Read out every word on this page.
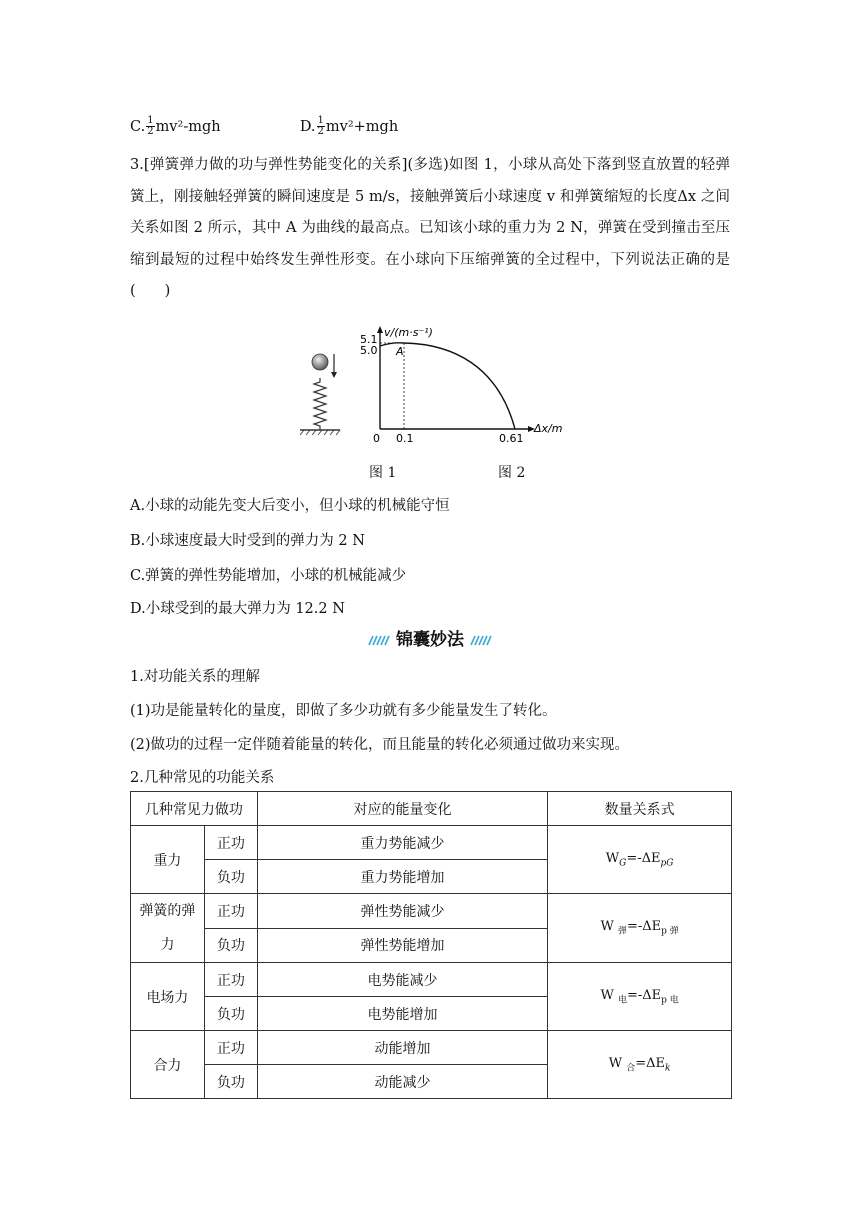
C. $\frac{1}{2} mv^2-mgh$	D. $\frac{1}{2} mv^2+mgh$
3.[弹簧弹力做的功与弹性势能变化的关系](多选)如图 1，小球从高处下落到竖直放置的轻弹簧上，刚接触轻弹簧的瞬间速度是 5 m/s，接触弹簧后小球速度 v 和弹簧缩短的长度Δx 之间关系如图 2 所示，其中 A 为曲线的最高点。已知该小球的重力为 2 N，弹簧在受到撞击至压缩到最短的过程中始终发生弹性形变。在小球向下压缩弹簧的全过程中，下列说法正确的是(　　)
v/(m·s⁻¹)
Δx/m
5.1
5.0
0 0.1	0.61
A
图 1	图 2
A.小球的动能先变大后变小，但小球的机械能守恒
B.小球速度最大时受到的弹力为 2 N
C.弹簧的弹性势能增加，小球的机械能减少
D.小球受到的最大弹力为 12.2 N
锦囊妙法
1.对功能关系的理解
(1)功是能量转化的量度，即做了多少功就有多少能量发生了转化。
(2)做功的过程一定伴随着能量的转化，而且能量的转化必须通过做功来实现。
2.几种常见的功能关系
几种常见力做功		对应的能量变化	数量关系式
重力	正功	重力势能减少	$W_G=-\Delta E_{pG}$
	负功	重力势能增加	

弹簧的弹
力	正功	弹性势能减少	W $_弹=-\Delta E_{p 弹}$
	负功	弹性势能增加	
电场力	正功	电势能减少	W $_电=-\Delta E_{p 电}$
	负功	电势能增加	
合力	正功	动能增加	W $_合=\Delta E_k$
	负功	动能减少	
